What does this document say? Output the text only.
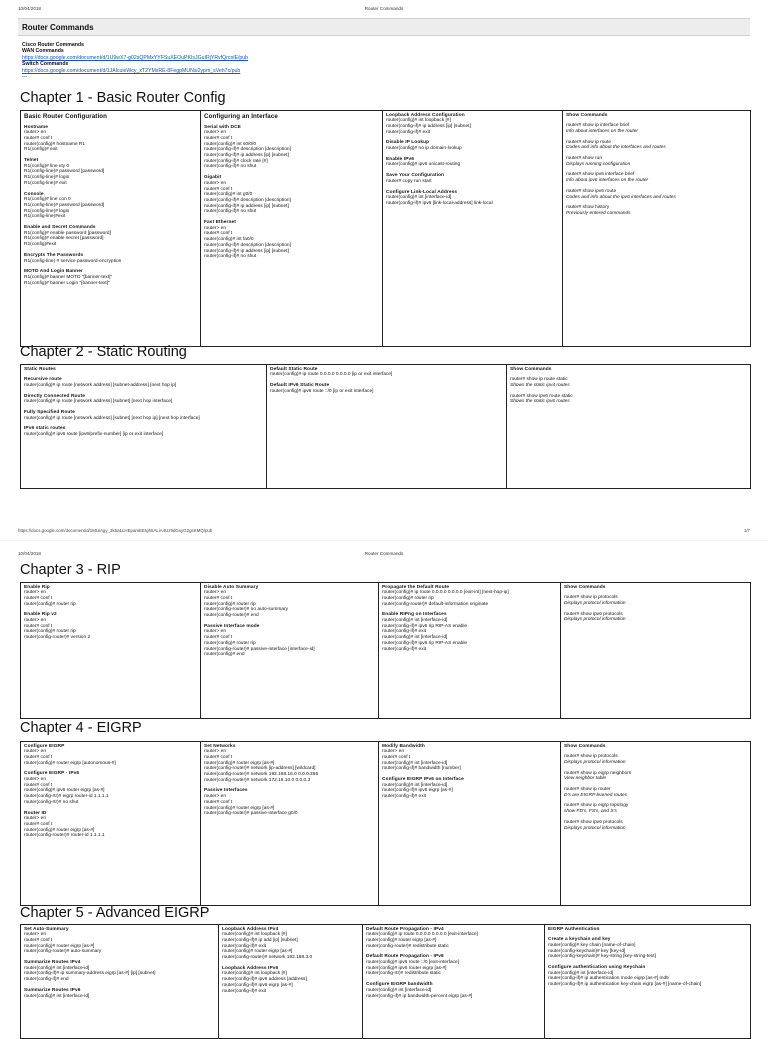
10/04/2018	Router Commands
Router Commands
Cisco Router Commands
WAN Commands
https://docs.google.com/document/d/1U9wX7-g02sQPMxYYFSuXEOuPKIsJGuIRjYRvfQrcnlE/pub
Switch Commands
https://docs.google.com/document/d/1JAlcuieWcy_xT2YMxRE-8FegpMUNsi2ypm_sVeh7c/pub
---
Chapter 1 - Basic Router Config
Basic Router Configuration
Hostname
router> en
router# conf t
router(config)# hostname R1
R1(config)# exit
Telnet
R1(config)# line vty 0
R1(config-line)# password [password]
R1(config-line)# login
R1(config-line)# exit
Console
R1(config)# line con 0
R1(config-line)# password [password]
R1(config-line)# login
R1(config-line)#exit
Enable and Secret Commands
R1(config)# enable password [password]
R1(config)# enable secret [password]
R1(config)#exit
Encrypts The Passwords
R1(config-line) # service password-encryption
MOTD And Login Banner
R1(config)# banner MOTD "[banner-text]"
R1(config)# banner Login "[banner-text]"

Configuring an Interface
Serial with DCE
router> en
router# conf t
router(config)# int s0/0/0
router(config-if)# description [description]
router(config-if)# ip address [ip] [subnet]
router(config-if)# clock rate [#]
router(config-if)# no shut
Gigabit
router> en
router# conf t
router(config)# int g0/0
router(config-if)# description [description]
router(config-if)# ip address [ip] [subnet]
router(config-if)# no shut
Fast Ethernet
router> en
router# conf t
router(config)# int fa0/0
router(config-if)# description [description]
router(config-if)# ip address [ip] [subnet]
router(config-if)# no shut

Loopback Address Configuration
router(config)# int loopback [#]
router(config-if)# ip address [ip] [subnet]
router(config-if)# exit
Disable IP Lookup
router(config)# no ip domain-lookup
Enable IPv6
router(config)# ipv6 unicast-routing
Save Your Configuration
router# copy run start
Configure Link-Local Address
router(config)# int [interface-id]
router(config-if)# ipv6 [link-local-address] link-local

Show Commands
router# show ip interface brief
Info about interfaces on the router
router# show ip route
Codes and info about the interfaces and routes
router# show run
Displays running configuration
router# show ipv6 interface brief
Info about ipv6 interfaces on the router
router# show ipv6 route
Codes and info about the ipv6 interfaces and routes
router# show history
Previously entered commands
Chapter 2 - Static Routing
Static Routes
Recursive route
router(config)# ip route [network address] [subnet-address] [next hop ip]
Directly Connected Route
router(config)# ip route [network address] [subnet] [next hop interface]
Fully Specified Route
router(config)# ip route [network address] [subnet] [next hop ip] [next hop interface]
IPv6 static routes
router(config)# ipv6 route [ipv6/prefix-number] [ip or exit interface]

Default Static Route
router(config)# ip route 0.0.0.0 0.0.0.0 [ip or exit interface]
Default IPv6 Static Route
router(config)# ipv6 route ::/0 [ip or exit interface]

Show Commands
router# show ip route static
Shows the static ipv4 routes
router# show ipv6 route static
Shows the static ipv6 routes
https://docs.google.com/document/d/1MUiAgy_3k6a1LHEpamEEIgh5ALiA4Uz9dGxyG2gsKMQ/pub	1/7
10/04/2018	Router Commands
Chapter 3 - RIP
Enable Rip
router> en
router# conf t
router(config)# router rip
Enable Rip v2
router> en
router# conf t
router(config)# router rip
router(config-router)# version 2

Disable Auto Summary
router> en
router# conf t
router(config)# router rip
router(config-router)# no auto-summary
router(config-router)# end
Passive Interface mode
router> en
router# conf t
router(config)# router rip
router(config-router)# passive-interface [interface-id]
router(config)# end

Propagate the Default Route
router(config)# ip route 0.0.0.0 0.0.0.0 [exit-int] [next-hop-ip]
router(config)# router rip
router(config-router)# default-information originate
Enable RIPng on Interfaces
router(config)# int [interface-id]
router(config-if)# ipv6 rip RIP-AS enable
router(config-if)# exit
router(config)# int [interface-id]
router(config-if)# ipv6 rip RIP-AS enable
router(config-if)# exit

Show Commands
router# show ip protocols
Displays protocol information
router# show ipv6 protocols
Displays protocol information
Chapter 4 - EIGRP
Configure EIGRP
router> en
router# conf t
router(config)# router eigrp [autonomous-#]
Configure EIGRP - IPv6
router> en
router# conf t
router(config)# ipv6 router eigrp [as-#]
router(config-rtr)# eigrp router-id 1.1.1.1
router(config-rtr)# no shut
Router ID
router> en
router# conf t
router(config)# router eigrp [as-#]
router(config-router)# router-id 1.1.1.1

Set Networks
router> en
router# conf t
router(config)# router eigrp [as-#]
router(config-router)# network [ip-address] [wildcard]
router(config-router)# network 192.168.16.0 0.0.0.255
router(config-router)# network 172.16.10.0 0.0.0.3
Passive Interfaces
router> en
router# conf t
router(config)# router eigrp [as-#]
router(config-router)# passive-interface g0/0

Modify Bandwidth
router> en
router# conf t
router(config)# int [interface-id]
router(config-if)# bandwidth [number]
Configure EIGRP IPv6 on Interface
router(config)# int [interface-id]
router(config-if)# ipv6 eigrp [as-#]
router(config-if)# exit

Show Commands
router# show ip protocols
Displays protocol information
router# show ip eigrp neighbors
View neighbor table
router# show ip router
D's are EIGRP learned routes
router# show ip eigrp topology
show FD's, FS's, and S's
router# show ipv6 protocols
Displays protocol information
Chapter 5 - Advanced EIGRP
Set Auto-Summary
router> en
router# conf t
router(config)# router eigrp [as-#]
router(config-router)# auto-summary
Summarize Routes IPv4
router(config)# int [interface-id]
router(config-if)# ip summary-address eigrp [as-#] [ip] [subnet]
router(config-if)# end
Summarize Routes IPv6
router(config)# int [interface-id]

Loopback Address IPv4
router(config)# int loopback [#]
router(config-if)# ip add [ip] [subnet]
router(config-if)# exit
router(config)# router eigrp [as-#]
router(config-router)# network 192.168.3.0
Loopback Address IPv6
router(config)# int loopback [#]
router(config-if)# ipv6 address [address]
router(config-if)# ipv6 eigrp [as-#]
router(config-if)# exit

Default Route Propagation - IPv4
router(config)# ip route 0.0.0.0 0.0.0.0 [exit-interface]
router(config)# router eigrp [as-#]
router(config-router)# redistribute static
Default Route Propagation - IPv6
router(config)# ipv6 route ::/0 [exit-interface]
router(config)# ipv6 router eigrp [as-#]
router(config-rtr)# redistribute static
Configure EIGRP bandwidth
router(config)# int [interface-id]
router(config-if)# ip bandwidth-percent eigrp [as-#]

EIGRP Authentication
Create a keychain and key
router(config)# key chain [name-of-chain]
router(config-keychain)# key [key-id]
router(config-keychain)# key-string [key-string-text]
Configure authentication using Keychain
router(config)# int [interface-id]
router(config-if)# ip authentication mode eigrp [as-#] md5
router(config-if)# ip authentication key-chain eigrp [as-#] [name-of-chain]
